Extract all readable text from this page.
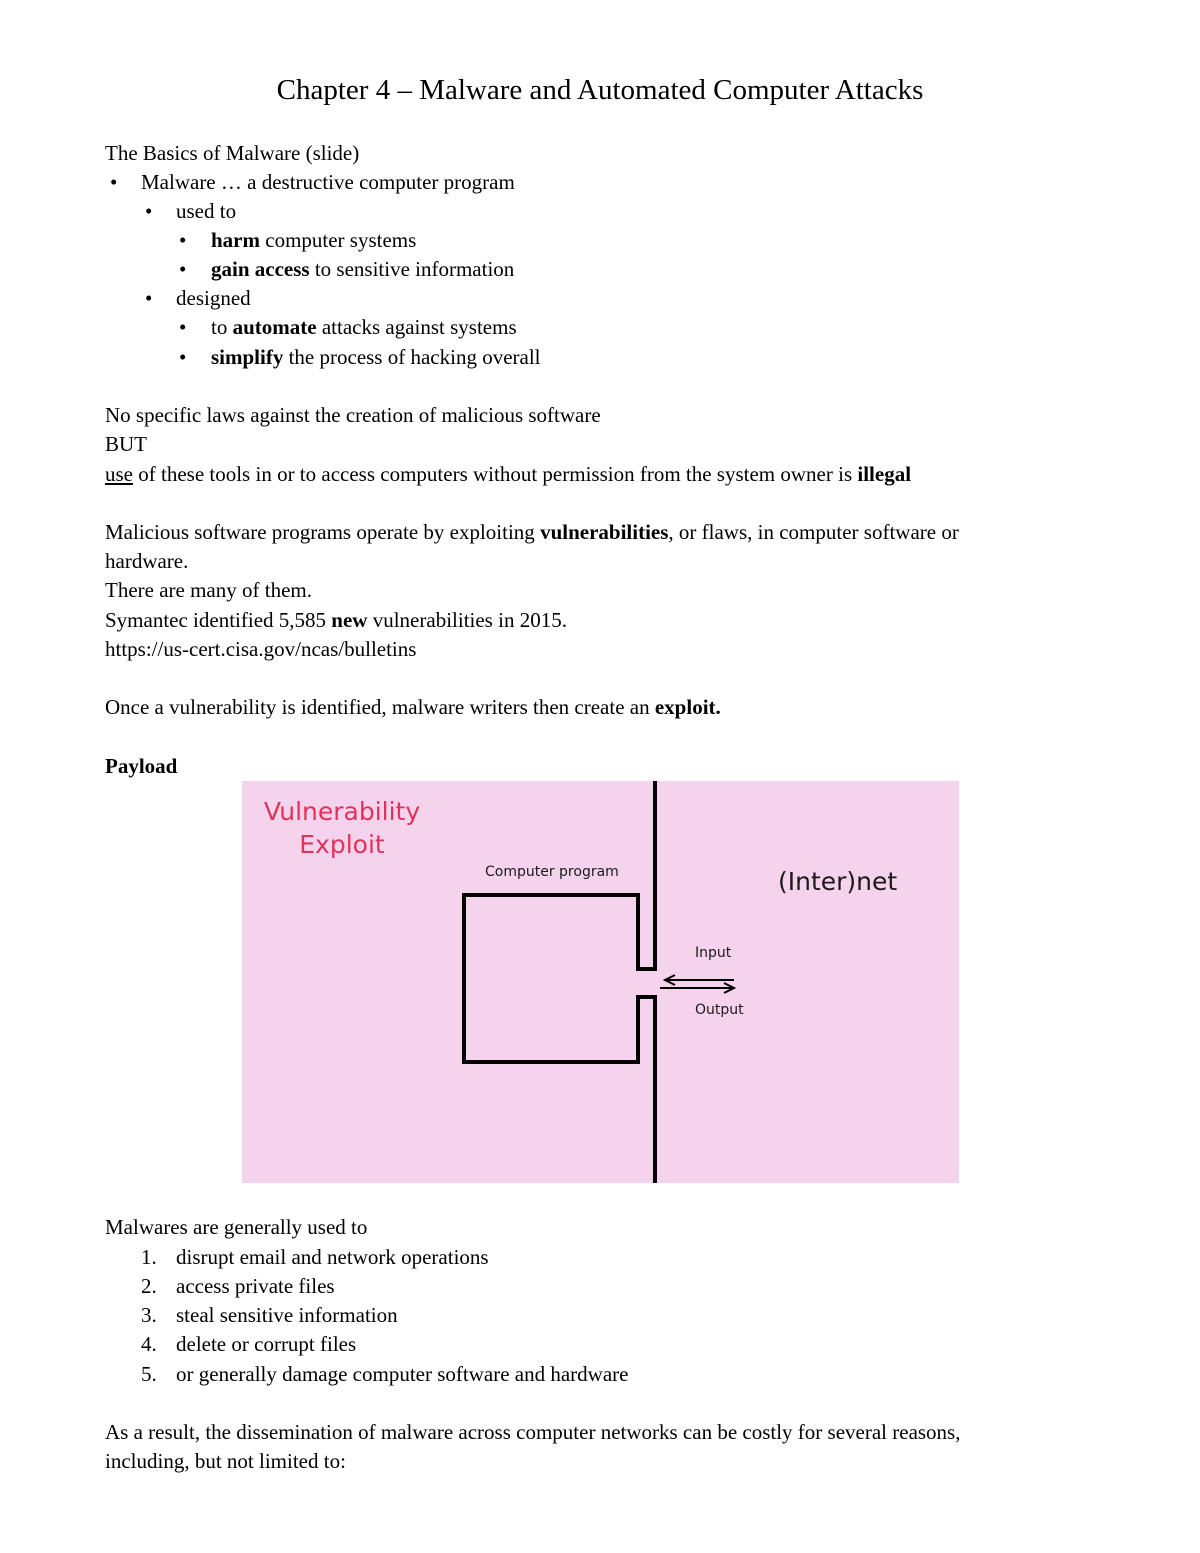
Chapter 4 – Malware and Automated Computer Attacks
The Basics of Malware (slide)
• Malware … a destructive computer program
• used to
• harm computer systems
• gain access to sensitive information
• designed
• to automate attacks against systems
• simplify the process of hacking overall
No specific laws against the creation of malicious software
BUT
use of these tools in or to access computers without permission from the system owner is illegal
Malicious software programs operate by exploiting vulnerabilities, or flaws, in computer software or
hardware.
There are many of them.
Symantec identified 5,585 new vulnerabilities in 2015.
https://us-cert.cisa.gov/ncas/bulletins
Once a vulnerability is identified, malware writers then create an exploit.
Payload
Vulnerability
Exploit
Computer program	(Inter)net
Input
Output
Malwares are generally used to
1. disrupt email and network operations
2. access private files
3. steal sensitive information
4. delete or corrupt files
5. or generally damage computer software and hardware
As a result, the dissemination of malware across computer networks can be costly for several reasons,
including, but not limited to:
